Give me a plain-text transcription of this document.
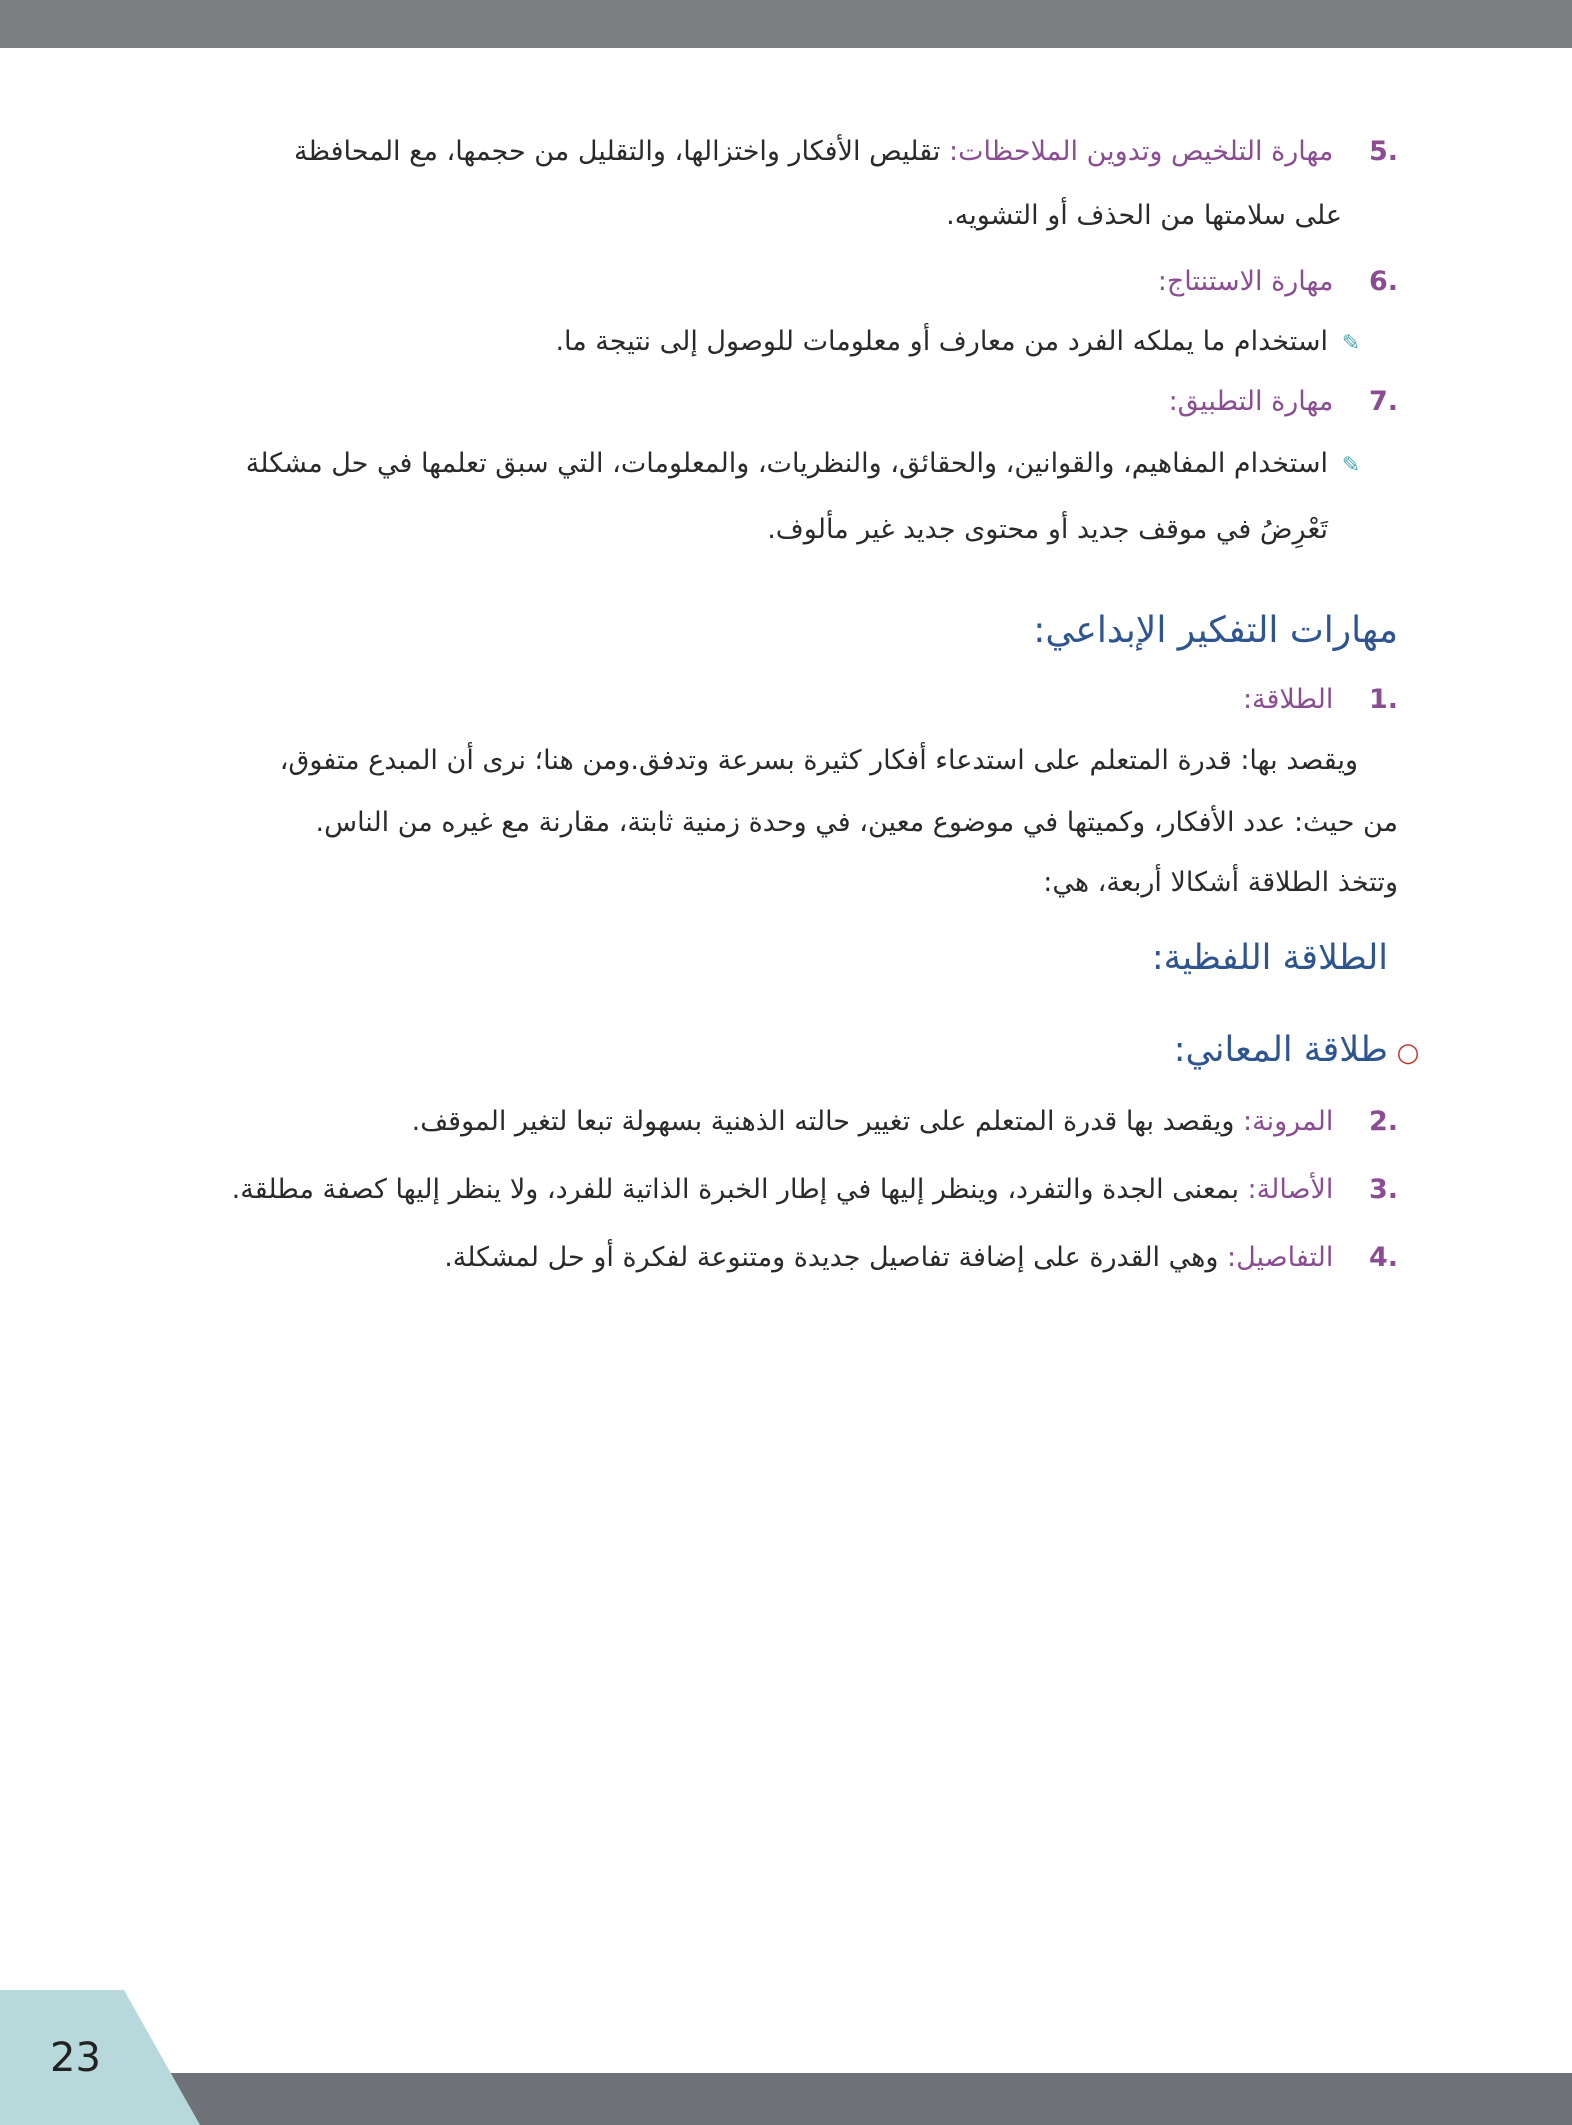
.5 مهارة التلخيص وتدوين الملاحظات: تقليص الأفكار واختزالها، والتقليل من حجمها، مع المحافظة
على سلامتها من الحذف أو التشويه.
.6 مهارة الاستنتاج:
✎استخدام ما يملكه الفرد من معارف أو معلومات للوصول إلى نتيجة ما.
.7 مهارة التطبيق:
✎استخدام المفاهيم، والقوانين، والحقائق، والنظريات، والمعلومات، التي سبق تعلمها في حل مشكلة
تَعْرِضُ في موقف جديد أو محتوى جديد غير مألوف.
مهارات التفكير الإبداعي:
.1 الطلاقة:
ويقصد بها: قدرة المتعلم على استدعاء أفكار كثيرة بسرعة وتدفق.ومن هنا؛ نرى أن المبدع متفوق،
من حيث: عدد الأفكار، وكميتها في موضوع معين، في وحدة زمنية ثابتة، مقارنة مع غيره من الناس.
وتتخذ الطلاقة أشكالا أربعة، هي:
الطلاقة اللفظية:
○طلاقة المعاني:
.2 المرونة: ويقصد بها قدرة المتعلم على تغيير حالته الذهنية بسهولة تبعا لتغير الموقف.
.3 الأصالة: بمعنى الجدة والتفرد، وينظر إليها في إطار الخبرة الذاتية للفرد، ولا ينظر إليها كصفة مطلقة.
.4 التفاصيل: وهي القدرة على إضافة تفاصيل جديدة ومتنوعة لفكرة أو حل لمشكلة.
23
